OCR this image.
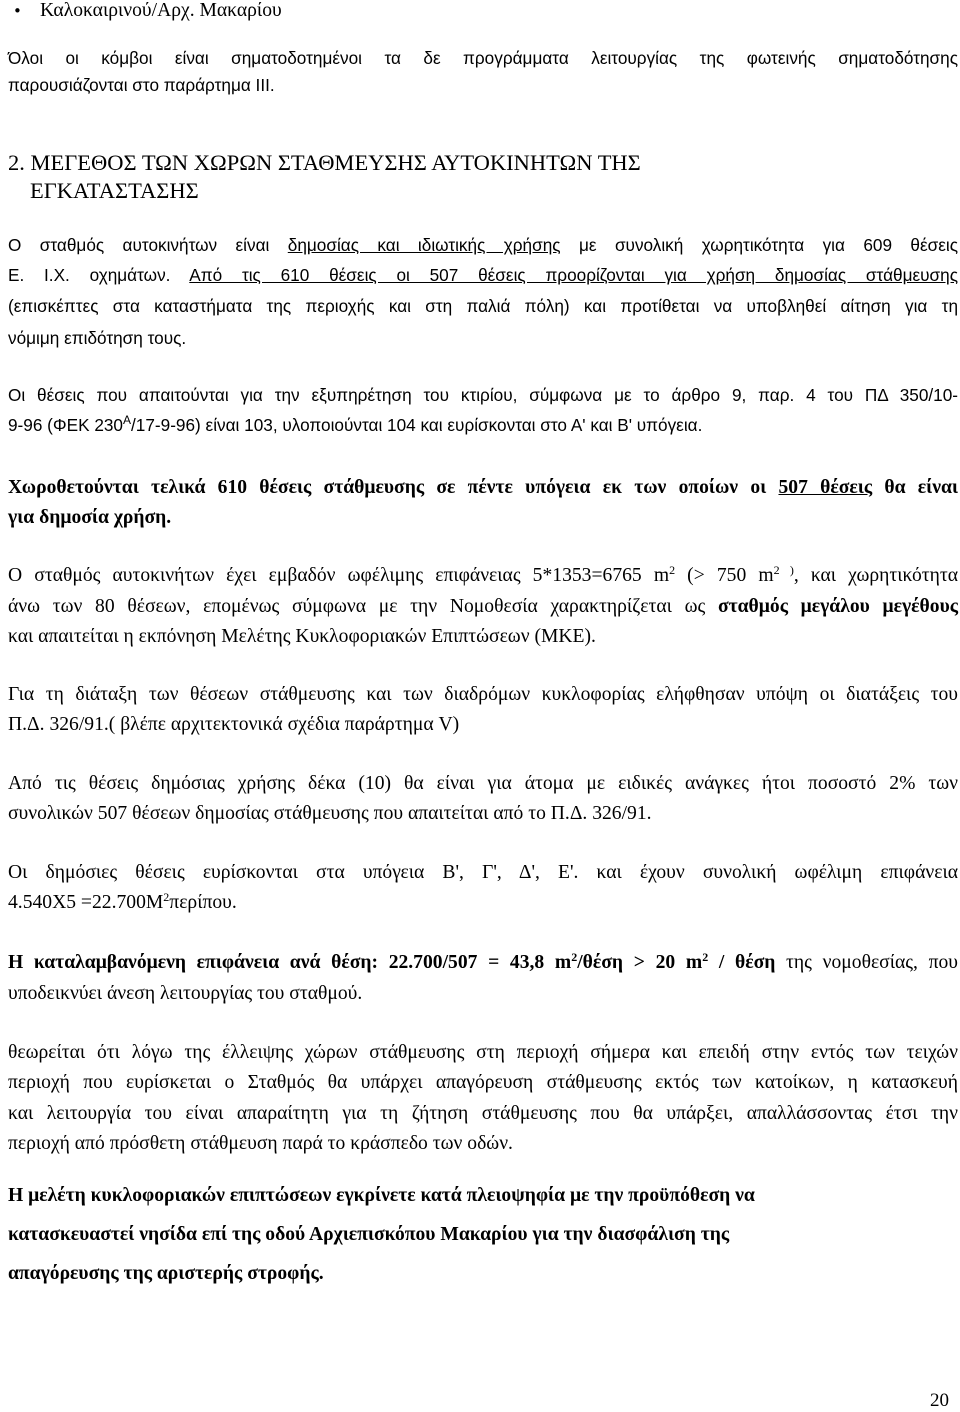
• Καλοκαιρινού/Αρχ. Μακαρίου
Όλοι οι κόμβοι είναι σηματοδοτημένοι τα δε προγράμματα λειτουργίας της φωτεινής σηματοδότησης
παρουσιάζονται στο παράρτημα ΙΙΙ.
2. ΜΕΓΕΘΟΣ ΤΩΝ ΧΩΡΩΝ ΣΤΑΘΜΕΥΣΗΣ ΑΥΤΟΚΙΝΗΤΩΝ ΤΗΣ
ΕΓΚΑΤΑΣΤΑΣΗΣ
Ο σταθμός αυτοκινήτων είναι δημοσίας και ιδιωτικής χρήσης με συνολική χωρητικότητα για 609 θέσεις
Ε. Ι.Χ. οχημάτων. Από τις 610 θέσεις οι 507 θέσεις προορίζονται για χρήση δημοσίας στάθμευσης
(επισκέπτες στα καταστήματα της περιοχής και στη παλιά πόλη) και προτίθεται να υποβληθεί αίτηση για τη
νόμιμη επιδότηση τους.
Οι θέσεις που απαιτούνται για την εξυπηρέτηση του κτιρίου, σύμφωνα με το άρθρο 9, παρ. 4 του ΠΔ 350/10-
9-96 (ΦΕΚ $230^A/17-9-96$) είναι 103, υλοποιούνται 104 και ευρίσκονται στο Α' και Β' υπόγεια.
Χωροθετούνται τελικά 610 θέσεις στάθμευσης σε πέντε υπόγεια εκ των οποίων οι 507 θέσεις θα είναι
για δημοσία χρήση.
Ο σταθμός αυτοκινήτων έχει εμβαδόν ωφέλιμης επιφάνειας 5*1353=6765 $m^2$ (> 750 $m^{2 )}$, και χωρητικότητα
άνω των 80 θέσεων, επομένως σύμφωνα με την Νομοθεσία χαρακτηρίζεται ως σταθμός μεγάλου μεγέθους
και απαιτείται η εκπόνηση Μελέτης Κυκλοφοριακών Επιπτώσεων (ΜΚΕ).
Για τη διάταξη των θέσεων στάθμευσης και των διαδρόμων κυκλοφορίας ελήφθησαν υπόψη οι διατάξεις του
Π.Δ. 326/91.( βλέπε αρχιτεκτονικά σχέδια παράρτημα V)
Από τις θέσεις δημόσιας χρήσης δέκα (10) θα είναι για άτομα με ειδικές ανάγκες ήτοι ποσοστό 2% των
συνολικών 507 θέσεων δημοσίας στάθμευσης που απαιτείται από το Π.Δ. 326/91.
Οι δημόσιες θέσεις ευρίσκονται στα υπόγεια Β', Γ', Δ', Ε'. και έχουν συνολική ωφέλιμη επιφάνεια
$4.540X5 =22.700M^2\pi\varepsilon\rho ί\pi o\upsilon$.
Η καταλαμβανόμενη επιφάνεια ανά θέση: 22.700/507 = 43,8 $m^2$/θέση > 20 $m^2$ / θέση της νομοθεσίας, που
υποδεικνύει άνεση λειτουργίας του σταθμού.
θεωρείται ότι λόγω της έλλειψης χώρων στάθμευσης στη περιοχή σήμερα και επειδή στην εντός των τειχών
περιοχή που ευρίσκεται ο Σταθμός θα υπάρχει απαγόρευση στάθμευσης εκτός των κατοίκων, η κατασκευή
και λειτουργία του είναι απαραίτητη για τη ζήτηση στάθμευσης που θα υπάρξει, απαλλάσσοντας έτσι την
περιοχή από πρόσθετη στάθμευση παρά το κράσπεδο των οδών.
Η μελέτη κυκλοφοριακών επιπτώσεων εγκρίνετε κατά πλειοψηφία με την προϋπόθεση να
κατασκευαστεί νησίδα επί της οδού Αρχιεπισκόπου Μακαρίου για την διασφάλιση της
απαγόρευσης της αριστερής στροφής.
20
